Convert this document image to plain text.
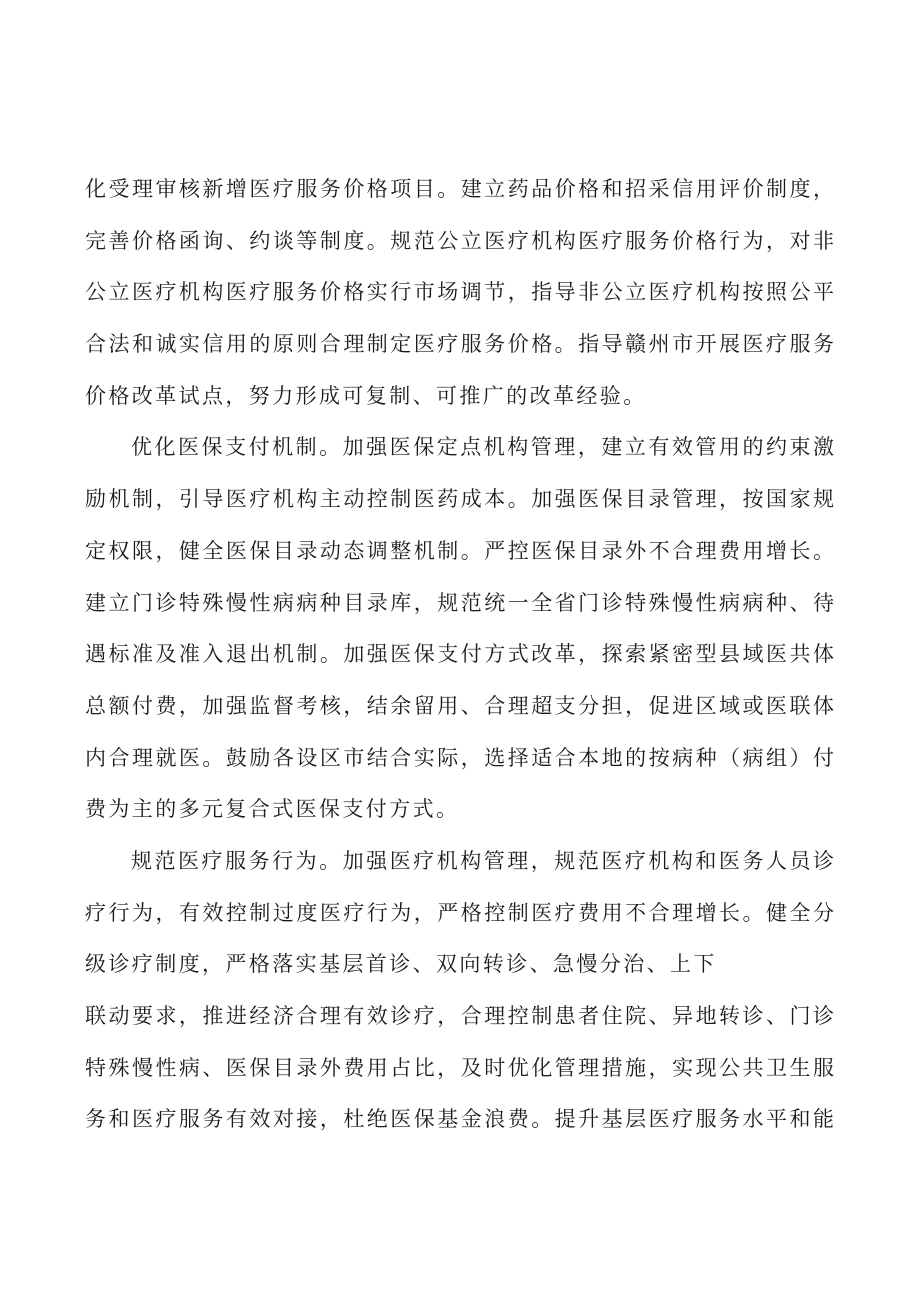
化受理审核新增医疗服务价格项目。建立药品价格和招采信用评价制度，
完善价格函询、约谈等制度。规范公立医疗机构医疗服务价格行为，对非
公立医疗机构医疗服务价格实行市场调节，指导非公立医疗机构按照公平
合法和诚实信用的原则合理制定医疗服务价格。指导赣州市开展医疗服务
价格改革试点，努力形成可复制、可推广的改革经验。
优化医保支付机制。加强医保定点机构管理，建立有效管用的约束激
励机制，引导医疗机构主动控制医药成本。加强医保目录管理，按国家规
定权限，健全医保目录动态调整机制。严控医保目录外不合理费用增长。
建立门诊特殊慢性病病种目录库，规范统一全省门诊特殊慢性病病种、待
遇标准及准入退出机制。加强医保支付方式改革，探索紧密型县域医共体
总额付费，加强监督考核，结余留用、合理超支分担，促进区域或医联体
内合理就医。鼓励各设区市结合实际，选择适合本地的按病种（病组）付
费为主的多元复合式医保支付方式。
规范医疗服务行为。加强医疗机构管理，规范医疗机构和医务人员诊
疗行为，有效控制过度医疗行为，严格控制医疗费用不合理增长。健全分
级诊疗制度，严格落实基层首诊、双向转诊、急慢分治、上下
联动要求，推进经济合理有效诊疗，合理控制患者住院、异地转诊、门诊
特殊慢性病、医保目录外费用占比，及时优化管理措施，实现公共卫生服
务和医疗服务有效对接，杜绝医保基金浪费。提升基层医疗服务水平和能
